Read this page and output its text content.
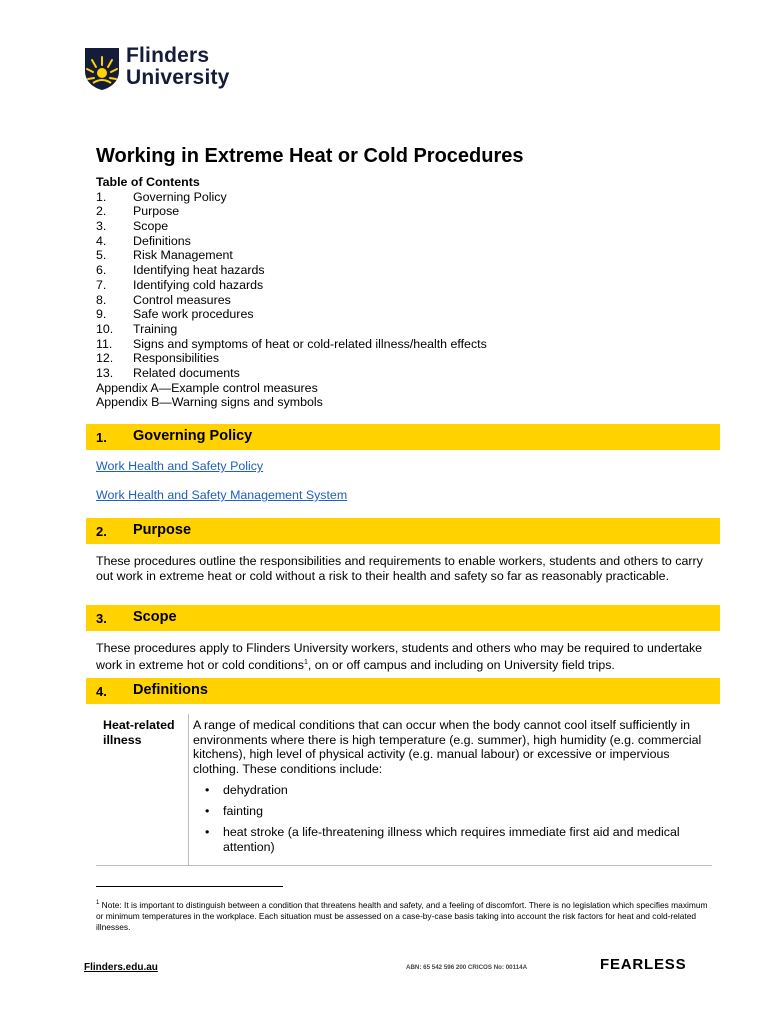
Flinders
University
Working in Extreme Heat or Cold Procedures
Table of Contents
1. Governing Policy
2. Purpose
3. Scope
4. Definitions
5. Risk Management
6. Identifying heat hazards
7. Identifying cold hazards
8. Control measures
9. Safe work procedures
10. Training
11. Signs and symptoms of heat or cold-related illness/health effects
12. Responsibilities
13. Related documents
Appendix A—Example control measures
Appendix B—Warning signs and symbols
1. Governing Policy
Work Health and Safety Policy
Work Health and Safety Management System
2. Purpose
These procedures outline the responsibilities and requirements to enable workers, students and others to carry out work in extreme heat or cold without a risk to their health and safety so far as reasonably practicable.
3. Scope
These procedures apply to Flinders University workers, students and others who may be required to undertake work in extreme hot or cold conditions$^1$, on or off campus and including on University field trips.
4. Definitions
Heat-related illness
A range of medical conditions that can occur when the body cannot cool itself sufficiently in environments where there is high temperature (e.g. summer), high humidity (e.g. commercial kitchens), high level of physical activity (e.g. manual labour) or excessive or impervious clothing. These conditions include:
• dehydration
• fainting
• heat stroke (a life-threatening illness which requires immediate first aid and medical attention)
$^1$ Note: It is important to distinguish between a condition that threatens health and safety, and a feeling of discomfort. There is no legislation which specifies maximum or minimum temperatures in the workplace. Each situation must be assessed on a case-by-case basis taking into account the risk factors for heat and cold-related illnesses.
Flinders.edu.au	ABN: 65 542 596 200 CRICOS No: 00114A	FEARLESS
